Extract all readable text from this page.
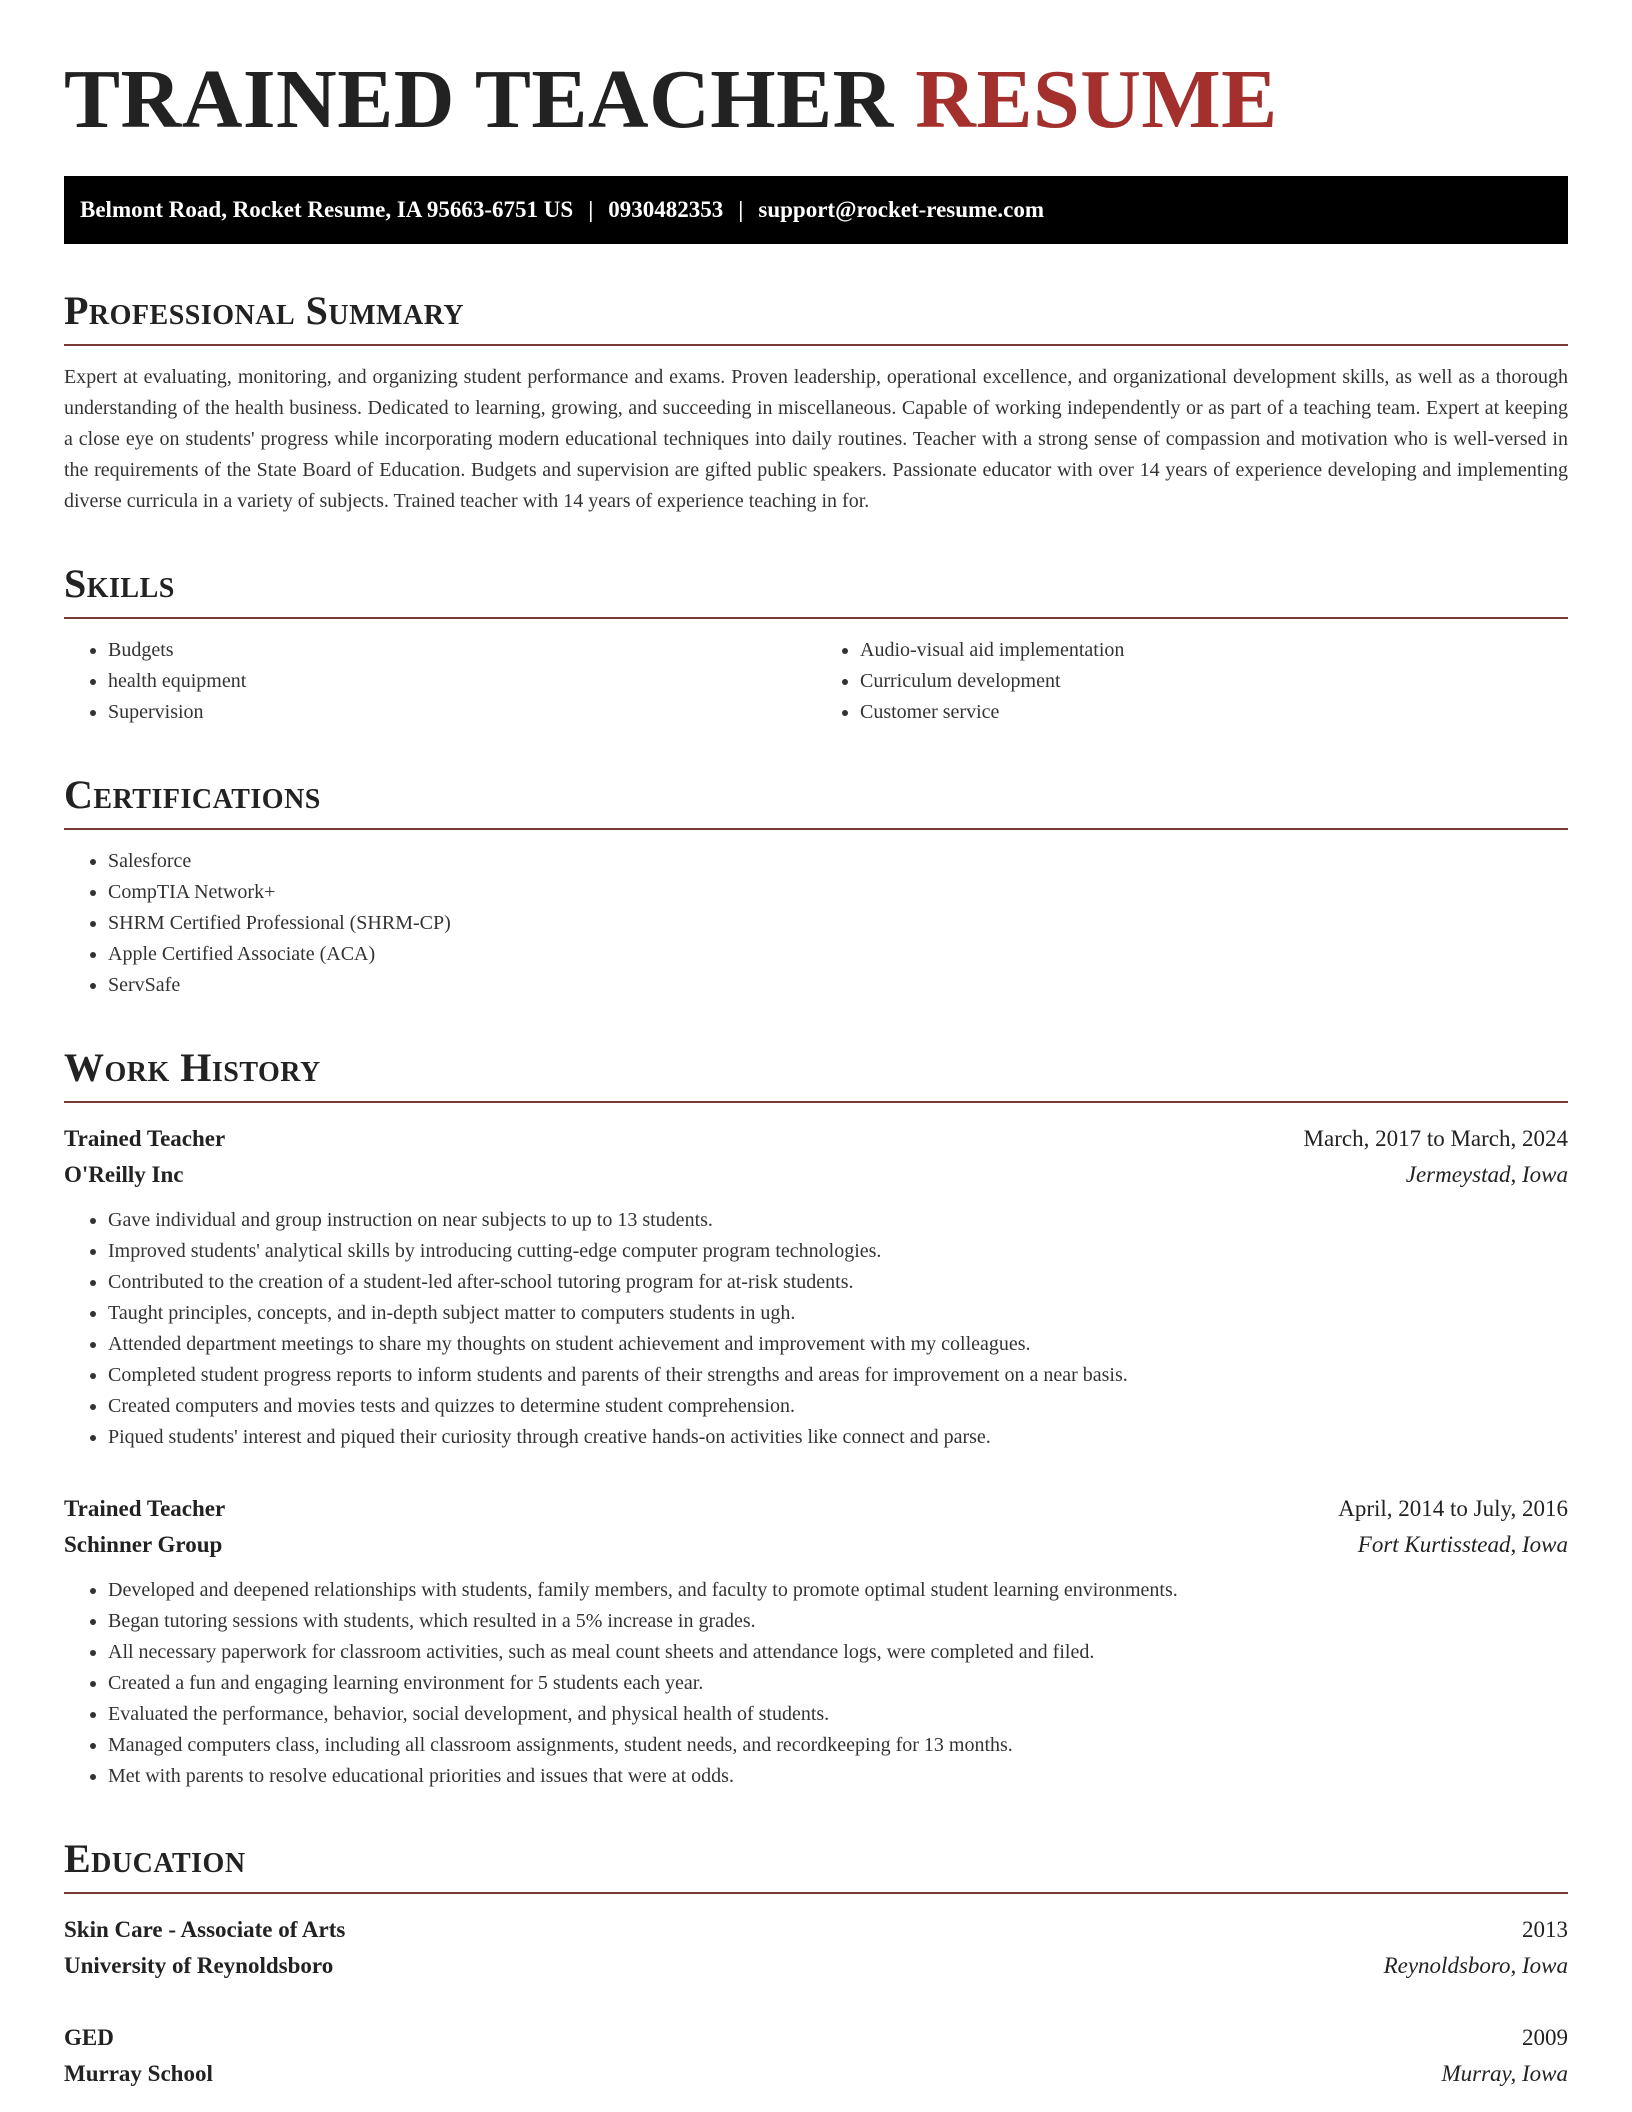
TRAINED TEACHER RESUME
Belmont Road, Rocket Resume, IA 95663-6751 US | 0930482353 | support@rocket-resume.com
Professional Summary

Expert at evaluating, monitoring, and organizing student performance and exams. Proven leadership, operational excellence, and organizational development skills, as well as a thorough understanding of the health business. Dedicated to learning, growing, and succeeding in miscellaneous. Capable of working independently or as part of a teaching team. Expert at keeping a close eye on students' progress while incorporating modern educational techniques into daily routines. Teacher with a strong sense of compassion and motivation who is well-versed in the requirements of the State Board of Education. Budgets and supervision are gifted public speakers. Passionate educator with over 14 years of experience developing and implementing diverse curricula in a variety of subjects. Trained teacher with 14 years of experience teaching in for.

Skills
• Budgets
• health equipment
• Supervision
• Audio-visual aid implementation
• Curriculum development
• Customer service
Certifications
• Salesforce
• CompTIA Network+
• SHRM Certified Professional (SHRM-CP)
• Apple Certified Associate (ACA)
• ServSafe
Work History
Trained Teacher	March, 2017 to March, 2024
O'Reilly Inc	Jermeystad, Iowa
• Gave individual and group instruction on near subjects to up to 13 students.
• Improved students' analytical skills by introducing cutting-edge computer program technologies.
• Contributed to the creation of a student-led after-school tutoring program for at-risk students.
• Taught principles, concepts, and in-depth subject matter to computers students in ugh.
• Attended department meetings to share my thoughts on student achievement and improvement with my colleagues.
• Completed student progress reports to inform students and parents of their strengths and areas for improvement on a near basis.
• Created computers and movies tests and quizzes to determine student comprehension.
• Piqued students' interest and piqued their curiosity through creative hands-on activities like connect and parse.
Trained Teacher	April, 2014 to July, 2016
Schinner Group	Fort Kurtisstead, Iowa
• Developed and deepened relationships with students, family members, and faculty to promote optimal student learning environments.
• Began tutoring sessions with students, which resulted in a 5% increase in grades.
• All necessary paperwork for classroom activities, such as meal count sheets and attendance logs, were completed and filed.
• Created a fun and engaging learning environment for 5 students each year.
• Evaluated the performance, behavior, social development, and physical health of students.
• Managed computers class, including all classroom assignments, student needs, and recordkeeping for 13 months.
• Met with parents to resolve educational priorities and issues that were at odds.
Education
Skin Care - Associate of Arts	2013
University of Reynoldsboro	Reynoldsboro, Iowa
GED	2009
Murray School	Murray, Iowa
